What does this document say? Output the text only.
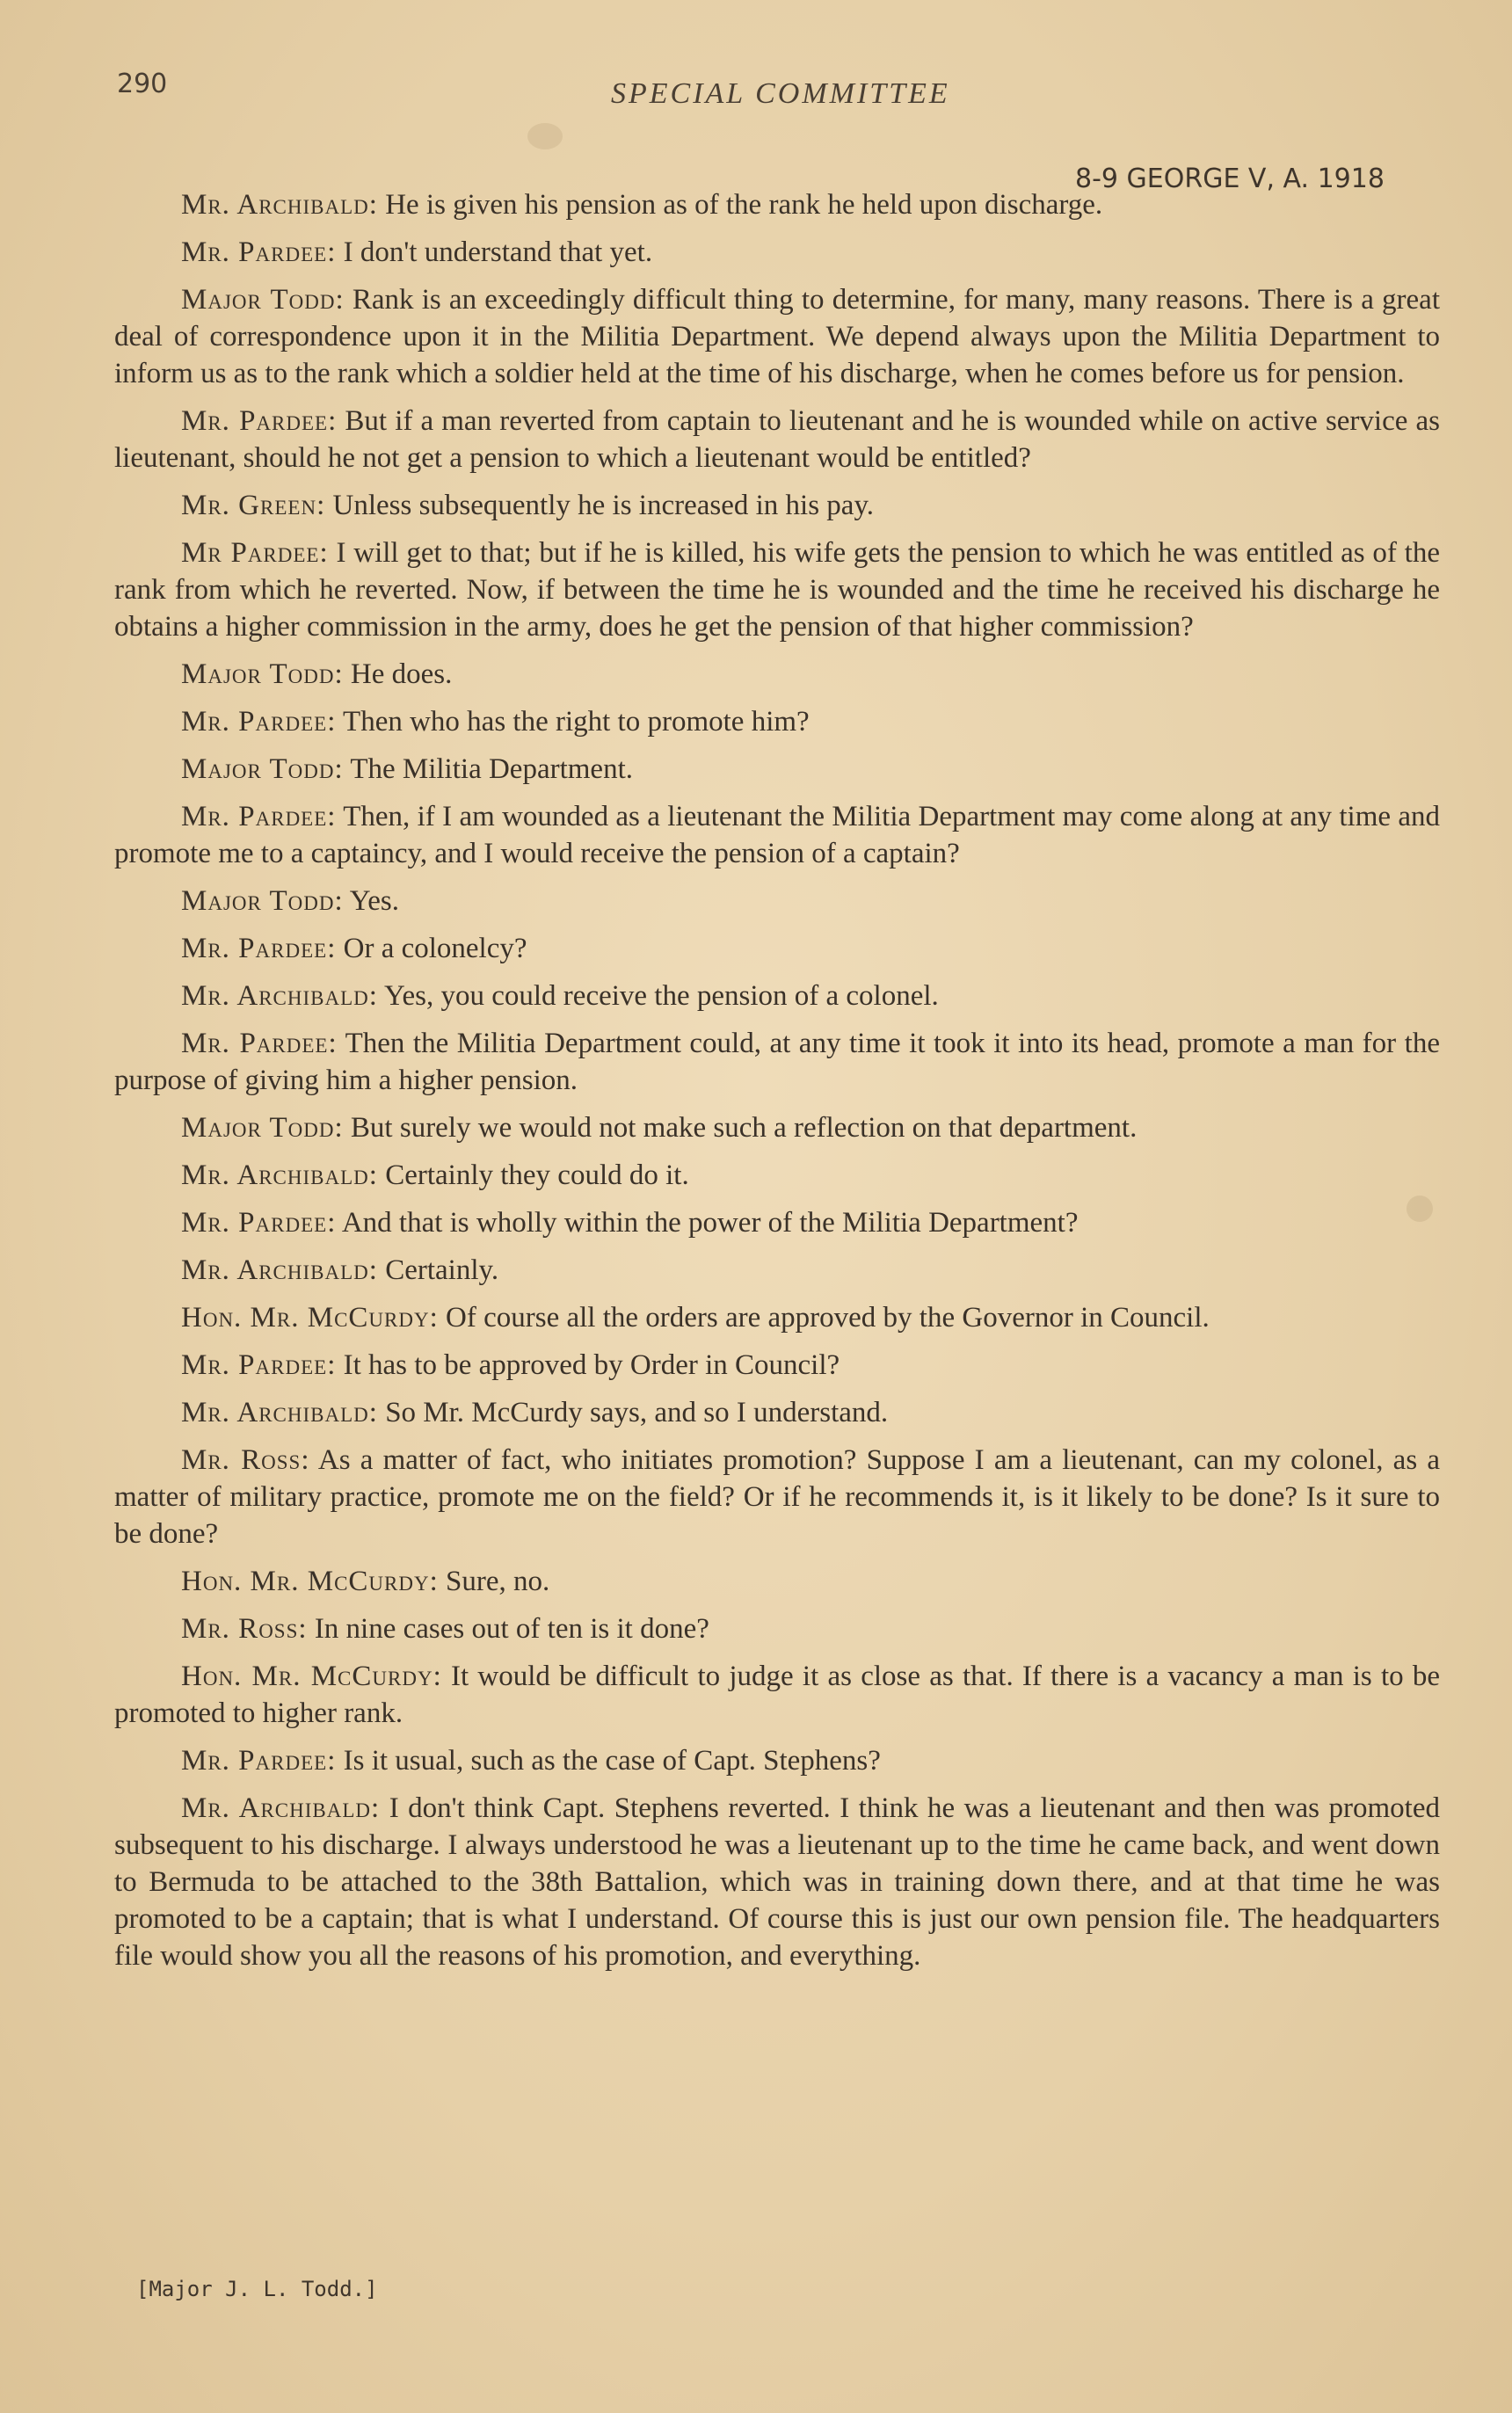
290	SPECIAL COMMITTEE
8-9 GEORGE V, A. 1918

Mr. Archibald: He is given his pension as of the rank he held upon discharge.

Mr. Pardee: I don't understand that yet.

Major Todd: Rank is an exceedingly difficult thing to determine, for many, many reasons. There is a great deal of correspondence upon it in the Militia Department. We depend always upon the Militia Department to inform us as to the rank which a soldier held at the time of his discharge, when he comes before us for pension.

Mr. Pardee: But if a man reverted from captain to lieutenant and he is wounded while on active service as lieutenant, should he not get a pension to which a lieutenant would be entitled?

Mr. Green: Unless subsequently he is increased in his pay.

Mr Pardee: I will get to that; but if he is killed, his wife gets the pension to which he was entitled as of the rank from which he reverted. Now, if between the time he is wounded and the time he received his discharge he obtains a higher commission in the army, does he get the pension of that higher commission?

Major Todd: He does.

Mr. Pardee: Then who has the right to promote him?

Major Todd: The Militia Department.

Mr. Pardee: Then, if I am wounded as a lieutenant the Militia Department may come along at any time and promote me to a captaincy, and I would receive the pension of a captain?

Major Todd: Yes.

Mr. Pardee: Or a colonelcy?

Mr. Archibald: Yes, you could receive the pension of a colonel.

Mr. Pardee: Then the Militia Department could, at any time it took it into its head, promote a man for the purpose of giving him a higher pension.

Major Todd: But surely we would not make such a reflection on that department.

Mr. Archibald: Certainly they could do it.

Mr. Pardee: And that is wholly within the power of the Militia Department?

Mr. Archibald: Certainly.

Hon. Mr. McCurdy: Of course all the orders are approved by the Governor in Council.

Mr. Pardee: It has to be approved by Order in Council?

Mr. Archibald: So Mr. McCurdy says, and so I understand.

Mr. Ross: As a matter of fact, who initiates promotion? Suppose I am a lieutenant, can my colonel, as a matter of military practice, promote me on the field? Or if he recommends it, is it likely to be done? Is it sure to be done?

Hon. Mr. McCurdy: Sure, no.

Mr. Ross: In nine cases out of ten is it done?

Hon. Mr. McCurdy: It would be difficult to judge it as close as that. If there is a vacancy a man is to be promoted to higher rank.

Mr. Pardee: Is it usual, such as the case of Capt. Stephens?

Mr. Archibald: I don't think Capt. Stephens reverted. I think he was a lieutenant and then was promoted subsequent to his discharge. I always understood he was a lieutenant up to the time he came back, and went down to Bermuda to be attached to the 38th Battalion, which was in training down there, and at that time he was promoted to be a captain; that is what I understand. Of course this is just our own pension file. The headquarters file would show you all the reasons of his promotion, and everything.

[Major J. L. Todd.]
